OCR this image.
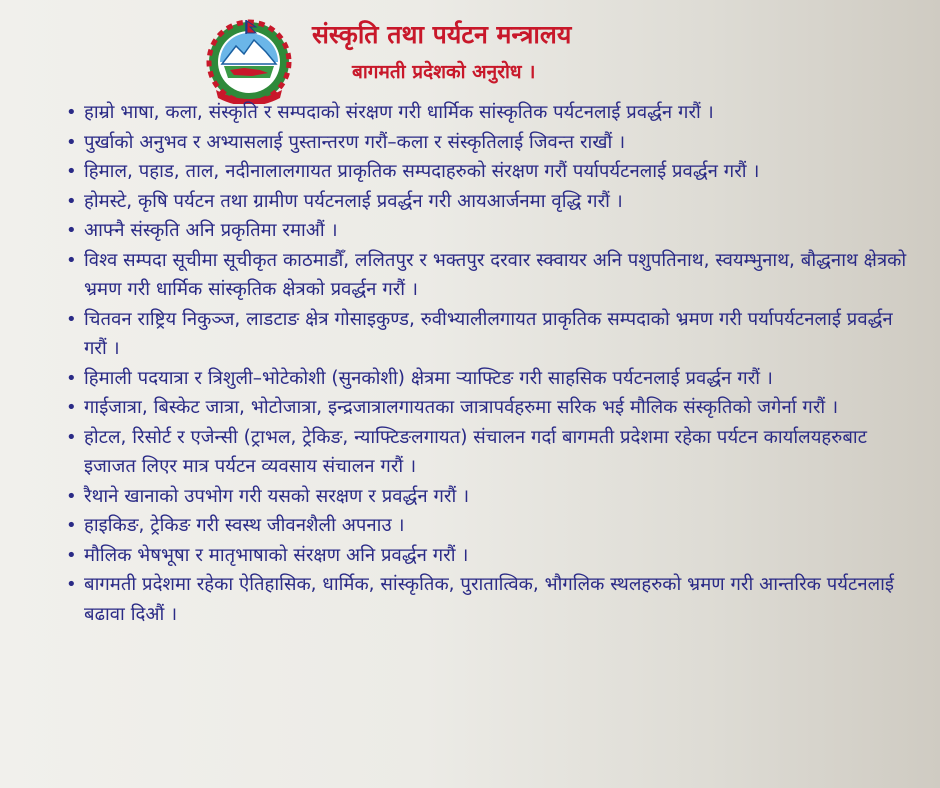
संस्कृति तथा पर्यटन मन्त्रालय
बागमती प्रदेशको अनुरोध ।
• हाम्रो भाषा, कला, संस्कृति र सम्पदाको संरक्षण गरी धार्मिक सांस्कृतिक पर्यटनलाई प्रवर्द्धन गरौं ।
• पुर्खाको अनुभव र अभ्यासलाई पुस्तान्तरण गरौं–कला र संस्कृतिलाई जिवन्त राखौं ।
• हिमाल, पहाड, ताल, नदीनालालगायत प्राकृतिक सम्पदाहरुको संरक्षण गरौं पर्यापर्यटनलाई प्रवर्द्धन गरौं ।
• होमस्टे, कृषि पर्यटन तथा ग्रामीण पर्यटनलाई प्रवर्द्धन गरी आयआर्जनमा वृद्धि गरौं ।
• आफ्नै संस्कृति अनि प्रकृतिमा रमाऔं ।
• विश्व सम्पदा सूचीमा सूचीकृत काठमाडौँ, ललितपुर र भक्तपुर दरवार स्क्वायर अनि पशुपतिनाथ, स्वयम्भुनाथ, बौद्धनाथ क्षेत्रको भ्रमण गरी धार्मिक सांस्कृतिक क्षेत्रको प्रवर्द्धन गरौं ।
• चितवन राष्ट्रिय निकुञ्ज, लाडटाङ क्षेत्र गोसाइकुण्ड, रुवीभ्यालीलगायत प्राकृतिक सम्पदाको भ्रमण गरी पर्यापर्यटनलाई प्रवर्द्धन गरौं ।
• हिमाली पदयात्रा र त्रिशुली–भोटेकोशी (सुनकोशी) क्षेत्रमा र्‍याफ्टिङ गरी साहसिक पर्यटनलाई प्रवर्द्धन गरौं ।
• गाईजात्रा, बिस्केट जात्रा, भोटोजात्रा, इन्द्रजात्रालगायतका जात्रापर्वहरुमा सरिक भई मौलिक संस्कृतिको जगेर्ना गरौं ।
• होटल, रिसोर्ट र एजेन्सी (ट्राभल, ट्रेकिङ, न्याफ्टिङलगायत) संचालन गर्दा बागमती प्रदेशमा रहेका पर्यटन कार्यालयहरुबाट इजाजत लिएर मात्र पर्यटन व्यवसाय संचालन गरौं ।
• रैथाने खानाको उपभोग गरी यसको सरक्षण र प्रवर्द्धन गरौं ।
• हाइकिङ, ट्रेकिङ गरी स्वस्थ जीवनशैली अपनाउ ।
• मौलिक भेषभूषा र मातृभाषाको संरक्षण अनि प्रवर्द्धन गरौं ।
• बागमती प्रदेशमा रहेका ऐतिहासिक, धार्मिक, सांस्कृतिक, पुरातात्विक, भौगलिक स्थलहरुको भ्रमण गरी आन्तरिक पर्यटनलाई बढावा दिऔं ।
